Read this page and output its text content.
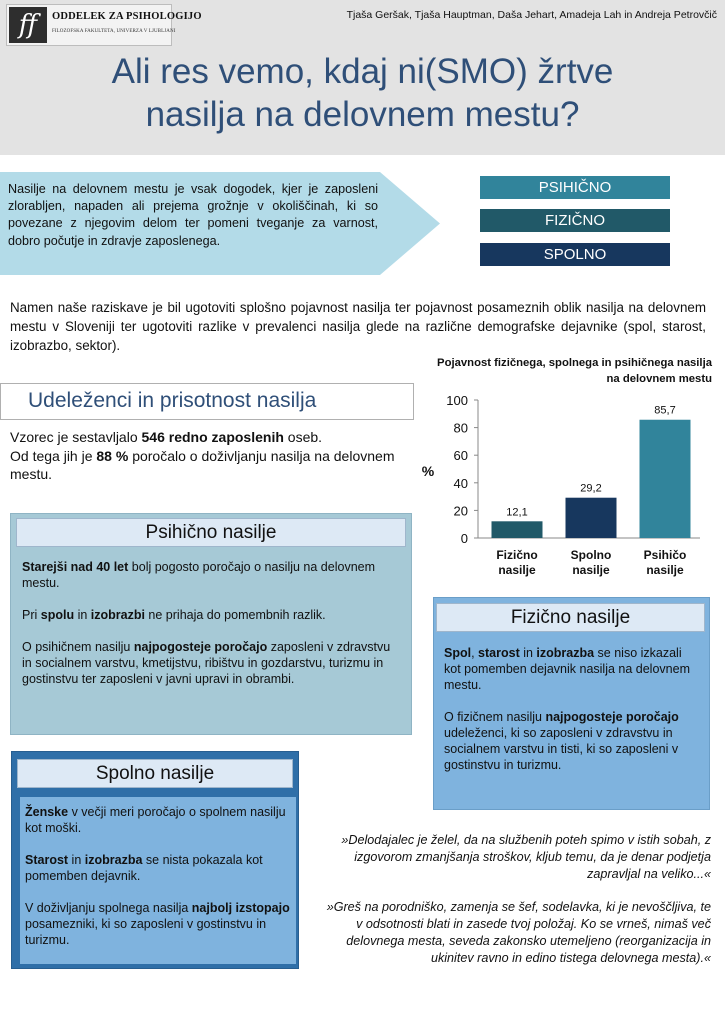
ff	ODDELEK ZA PSIHOLOGIJO
FILOZOFSKA FAKULTETA, UNIVERZA V LJUBLJANI
Tjaša Geršak, Tjaša Hauptman, Daša Jehart, Amadeja Lah in Andreja Petrovčič
Ali res vemo, kdaj ni(SMO) žrtve
nasilja na delovnem mestu?
Nasilje na delovnem mestu je vsak dogodek, kjer je zaposleni zlorabljen, napaden ali prejema grožnje v okoliščinah, ki so povezane z njegovim delom ter pomeni tveganje za varnost, dobro počutje in zdravje zaposlenega.
PSIHIČNO
FIZIČNO
SPOLNO
Namen naše raziskave je bil ugotoviti splošno pojavnost nasilja ter pojavnost posameznih oblik nasilja na delovnem mestu v Sloveniji ter ugotoviti razlike v prevalenci nasilja glede na različne demografske dejavnike (spol, starost, izobrazbo, sektor).
Udeleženci in prisotnost nasilja
Vzorec je sestavljalo 546 redno zaposlenih oseb.
Od tega jih je 88 % poročalo o doživljanju nasilja na delovnem mestu.
Pojavnost fizičnega, spolnega in psihičnega nasilja na delovnem mestu
0
20
40
60
80
100
%
12,1
Fizično
nasilje
29,2
Spolno
nasilje
85,7
Psihičo
nasilje
Psihično nasilje

Starejši nad 40 let bolj pogosto poročajo o nasilju na delovnem mestu.

Pri spolu in izobrazbi ne prihaja do pomembnih razlik.

O psihičnem nasilju najpogosteje poročajo zaposleni v zdravstvu in socialnem varstvu, kmetijstvu, ribištvu in gozdarstvu, turizmu in gostinstvu ter zaposleni v javni upravi in obrambi.

Fizično nasilje

Spol, starost in izobrazba se niso izkazali kot pomemben dejavnik nasilja na delovnem mestu.

O fizičnem nasilju najpogosteje poročajo udeleženci, ki so zaposleni v zdravstvu in socialnem varstvu in tisti, ki so zaposleni v gostinstvu in turizmu.

Spolno nasilje

Ženske v večji meri poročajo o spolnem nasilju kot moški.

Starost in izobrazba se nista pokazala kot pomemben dejavnik.

V doživljanju spolnega nasilja najbolj izstopajo posamezniki, ki so zaposleni v gostinstvu in turizmu.

»Delodajalec je želel, da na službenih poteh spimo v istih sobah, z izgovorom zmanjšanja stroškov, kljub temu, da je denar podjetja zapravljal na veliko...«
»Greš na porodniško, zamenja se šef, sodelavka, ki je nevoščljiva, te v odsotnosti blati in zasede tvoj položaj. Ko se vrneš, nimaš več delovnega mesta, seveda zakonsko utemeljeno (reorganizacija in ukinitev ravno in edino tistega delovnega mesta).«
